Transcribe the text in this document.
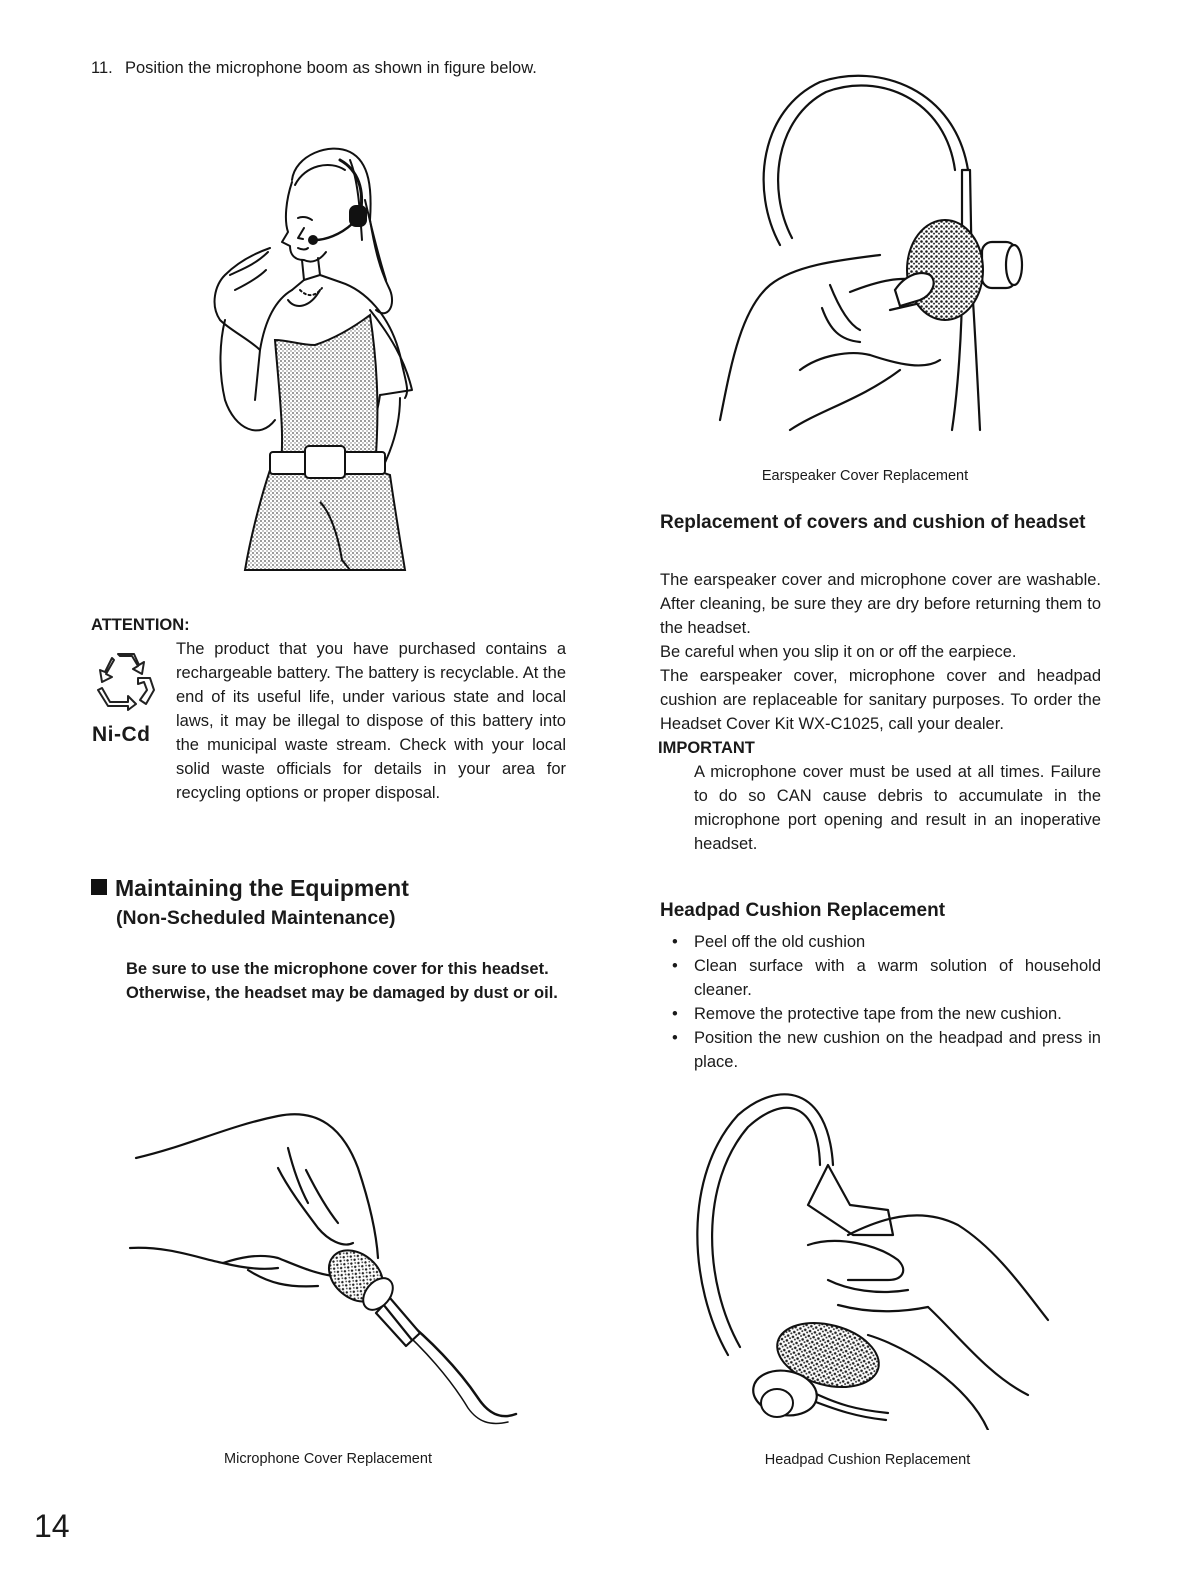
11. Position the microphone boom as shown in figure below.
ATTENTION:
Ni-Cd
The product that you have purchased contains a rechargeable battery. The battery is recyclable. At the end of its useful life, under various state and local laws, it may be illegal to dispose of this battery into the municipal waste stream. Check with your local solid waste officials for details in your area for recycling options or proper disposal.
Maintaining the Equipment
(Non-Scheduled Maintenance)
Be sure to use the microphone cover for this headset.
Otherwise, the headset may be damaged by dust or oil.
Microphone Cover Replacement
14
Earspeaker Cover Replacement
Replacement of covers and cushion of headset
The earspeaker cover and microphone cover are washable. After cleaning, be sure they are dry before returning them to the headset.
Be careful when you slip it on or off the earpiece.
The earspeaker cover, microphone cover and headpad cushion are replaceable for sanitary purposes. To order the Headset Cover Kit WX-C1025, call your dealer.
IMPORTANT
A microphone cover must be used at all times. Failure to do so CAN cause debris to accumulate in the microphone port opening and result in an inoperative headset.
Headpad Cushion Replacement
• Peel off the old cushion
• Clean surface with a warm solution of household cleaner.
• Remove the protective tape from the new cushion.
• Position the new cushion on the headpad and press in place.
Headpad Cushion Replacement
